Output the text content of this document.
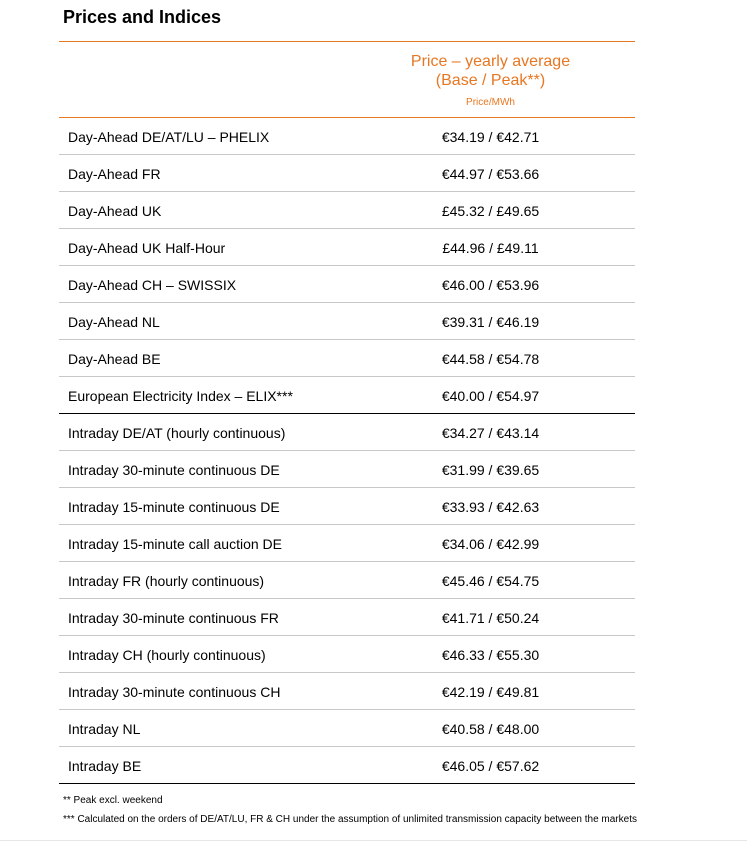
Prices and Indices
Price – yearly average
(Base / Peak**)
Price/MWh
Day-Ahead DE/AT/LU – PHELIX	€34.19 / €42.71
Day-Ahead FR	€44.97 / €53.66
Day-Ahead UK	£45.32 / £49.65
Day-Ahead UK Half-Hour	£44.96 / £49.11
Day-Ahead CH – SWISSIX	€46.00 / €53.96
Day-Ahead NL	€39.31 / €46.19
Day-Ahead BE	€44.58 / €54.78
European Electricity Index – ELIX***	€40.00 / €54.97
Intraday DE/AT (hourly continuous)	€34.27 / €43.14
Intraday 30-minute continuous DE	€31.99 / €39.65
Intraday 15-minute continuous DE	€33.93 / €42.63
Intraday 15-minute call auction DE	€34.06 / €42.99
Intraday FR (hourly continuous)	€45.46 / €54.75
Intraday 30-minute continuous FR	€41.71 / €50.24
Intraday CH (hourly continuous)	€46.33 / €55.30
Intraday 30-minute continuous CH	€42.19 / €49.81
Intraday NL	€40.58 / €48.00
Intraday BE	€46.05 / €57.62
** Peak excl. weekend
*** Calculated on the orders of DE/AT/LU, FR & CH under the assumption of unlimited transmission capacity between the markets
